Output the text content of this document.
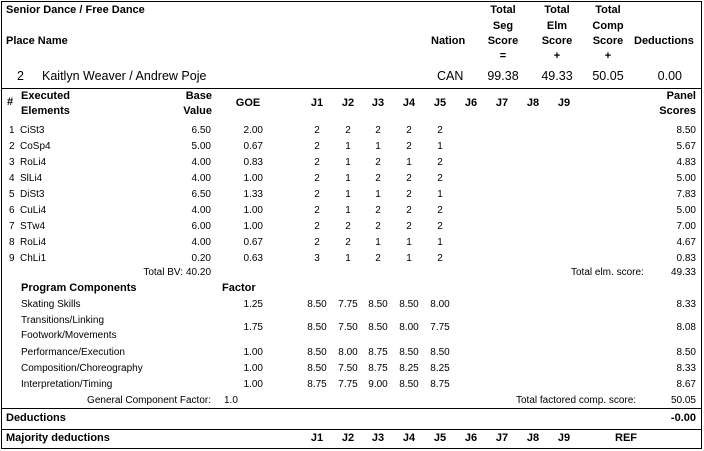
Senior Dance / Free Dance
Place Name	Nation
Total
Seg
Score
=
Total
Elm
Score
+
Total
Comp
Score
+
Deductions
2 Kaitlyn Weaver / Andrew Poje	CAN	99.38	49.33	50.05	0.00
# Executed
Elements
Base
Value
GOE	J1	J2	J3	J4	J5	J6	J7	J8	J9
Panel
Scores
1 CiSt3	6.50	2.00	2	2	2	2	2	8.50
2 CoSp4	5.00	0.67	2	1	1	2	1	5.67
3 RoLi4	4.00	0.83	2	1	2	1	2	4.83
4 SlLi4	4.00	1.00	2	1	2	2	2	5.00
5 DiSt3	6.50	1.33	2	1	1	2	1	7.83
6 CuLi4	4.00	1.00	2	1	2	2	2	5.00
7 STw4	6.00	1.00	2	2	2	2	2	7.00
8 RoLi4	4.00	0.67	2	2	1	1	1	4.67
9 ChLi1	0.20	0.63	3	1	2	1	2	0.83
Total BV: 40.20	Total elm. score:	49.33
Program Components	Factor
Skating Skills	1.25	8.50	7.75	8.50	8.50	8.00	8.33
Transitions/Linking
Footwork/Movements
1.75	8.50	7.50	8.50	8.00	7.75	8.08
Performance/Execution	1.00	8.50	8.00	8.75	8.50	8.50	8.50
Composition/Choreography	1.00	8.50	7.50	8.75	8.25	8.25	8.33
Interpretation/Timing	1.00	8.75	7.75	9.00	8.50	8.75	8.67
General Component Factor: 1.0	Total factored comp. score:	50.05
Deductions	-0.00
Majority deductions	J1	J2	J3	J4	J5	J6	J7	J8	J9	REF
